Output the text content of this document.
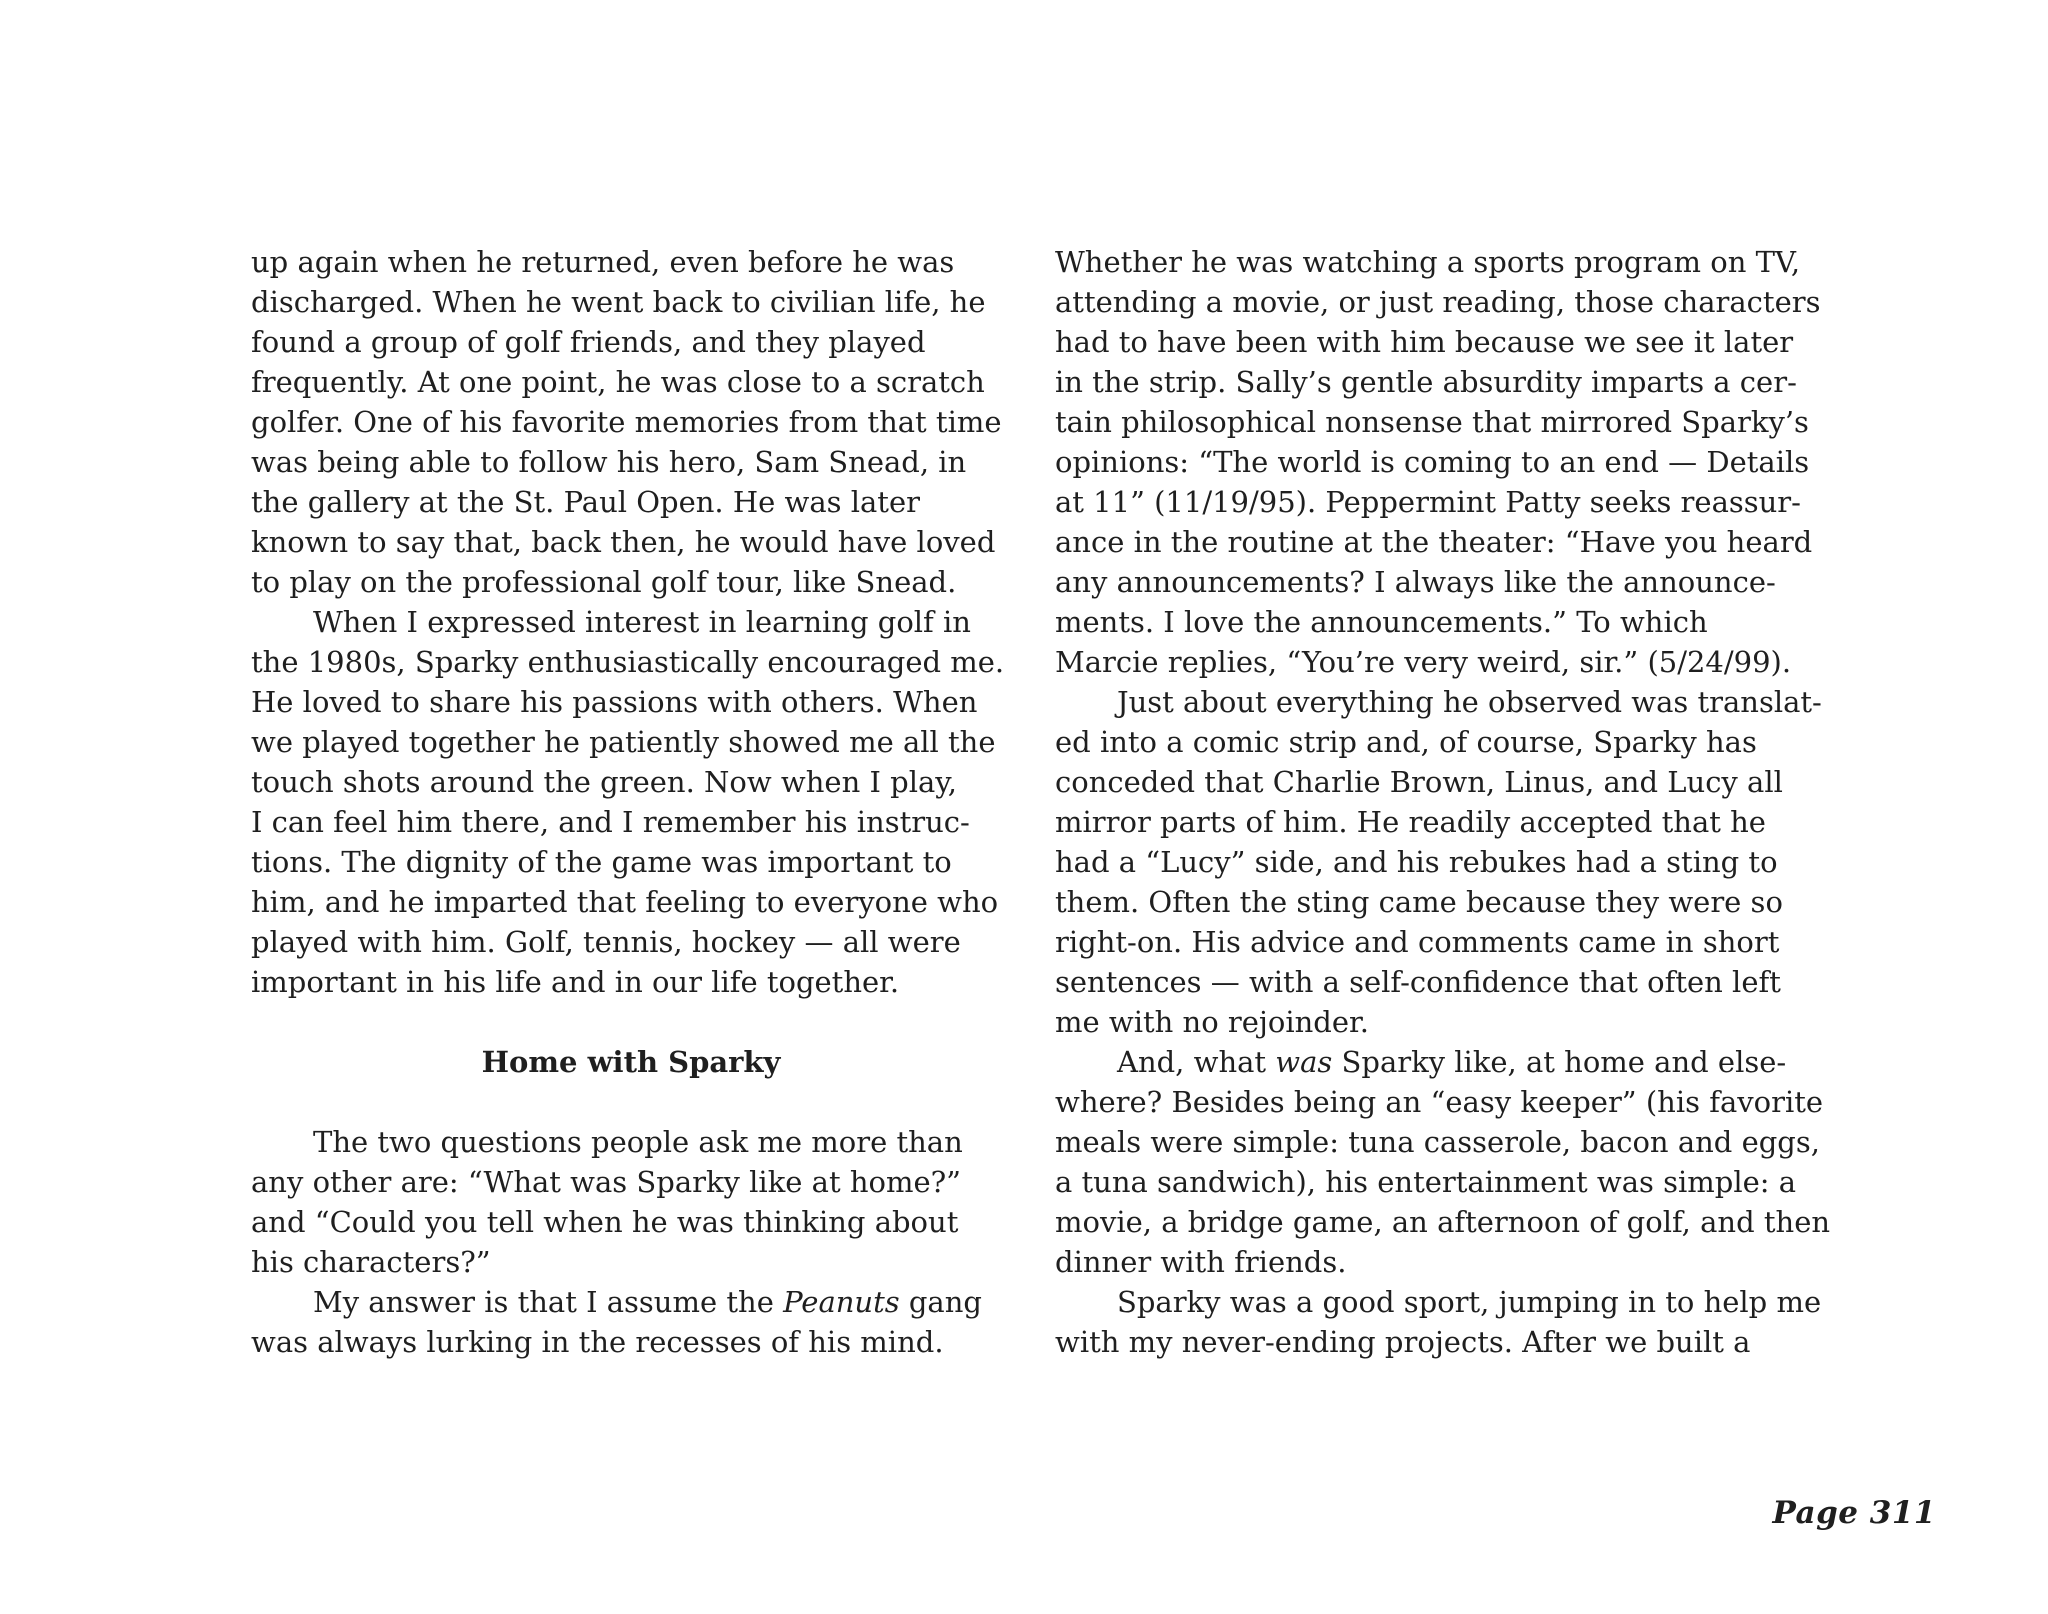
up again when he returned, even before he was
discharged. When he went back to civilian life, he
found a group of golf friends, and they played
frequently. At one point, he was close to a scratch
golfer. One of his favorite memories from that time
was being able to follow his hero, Sam Snead, in
the gallery at the St. Paul Open. He was later
known to say that, back then, he would have loved
to play on the professional golf tour, like Snead.
When I expressed interest in learning golf in
the 1980s, Sparky enthusiastically encouraged me.
He loved to share his passions with others. When
we played together he patiently showed me all the
touch shots around the green. Now when I play,
I can feel him there, and I remember his instruc-
tions. The dignity of the game was important to
him, and he imparted that feeling to everyone who
played with him. Golf, tennis, hockey — all were
important in his life and in our life together.
Home with Sparky
The two questions people ask me more than
any other are: “What was Sparky like at home?”
and “Could you tell when he was thinking about
his characters?”
My answer is that I assume the Peanuts gang
was always lurking in the recesses of his mind.
Whether he was watching a sports program on TV,
attending a movie, or just reading, those characters
had to have been with him because we see it later
in the strip. Sally’s gentle absurdity imparts a cer-
tain philosophical nonsense that mirrored Sparky’s
opinions: “The world is coming to an end — Details
at 11” (11/19/95). Peppermint Patty seeks reassur-
ance in the routine at the theater: “Have you heard
any announcements? I always like the announce-
ments. I love the announcements.” To which
Marcie replies, “You’re very weird, sir.” (5/24/99).
Just about everything he observed was translat-
ed into a comic strip and, of course, Sparky has
conceded that Charlie Brown, Linus, and Lucy all
mirror parts of him. He readily accepted that he
had a “Lucy” side, and his rebukes had a sting to
them. Often the sting came because they were so
right-on. His advice and comments came in short
sentences — with a self-confidence that often left
me with no rejoinder.
And, what was Sparky like, at home and else-
where? Besides being an “easy keeper” (his favorite
meals were simple: tuna casserole, bacon and eggs,
a tuna sandwich), his entertainment was simple: a
movie, a bridge game, an afternoon of golf, and then
dinner with friends.
Sparky was a good sport, jumping in to help me
with my never-ending projects. After we built a
Page 311
